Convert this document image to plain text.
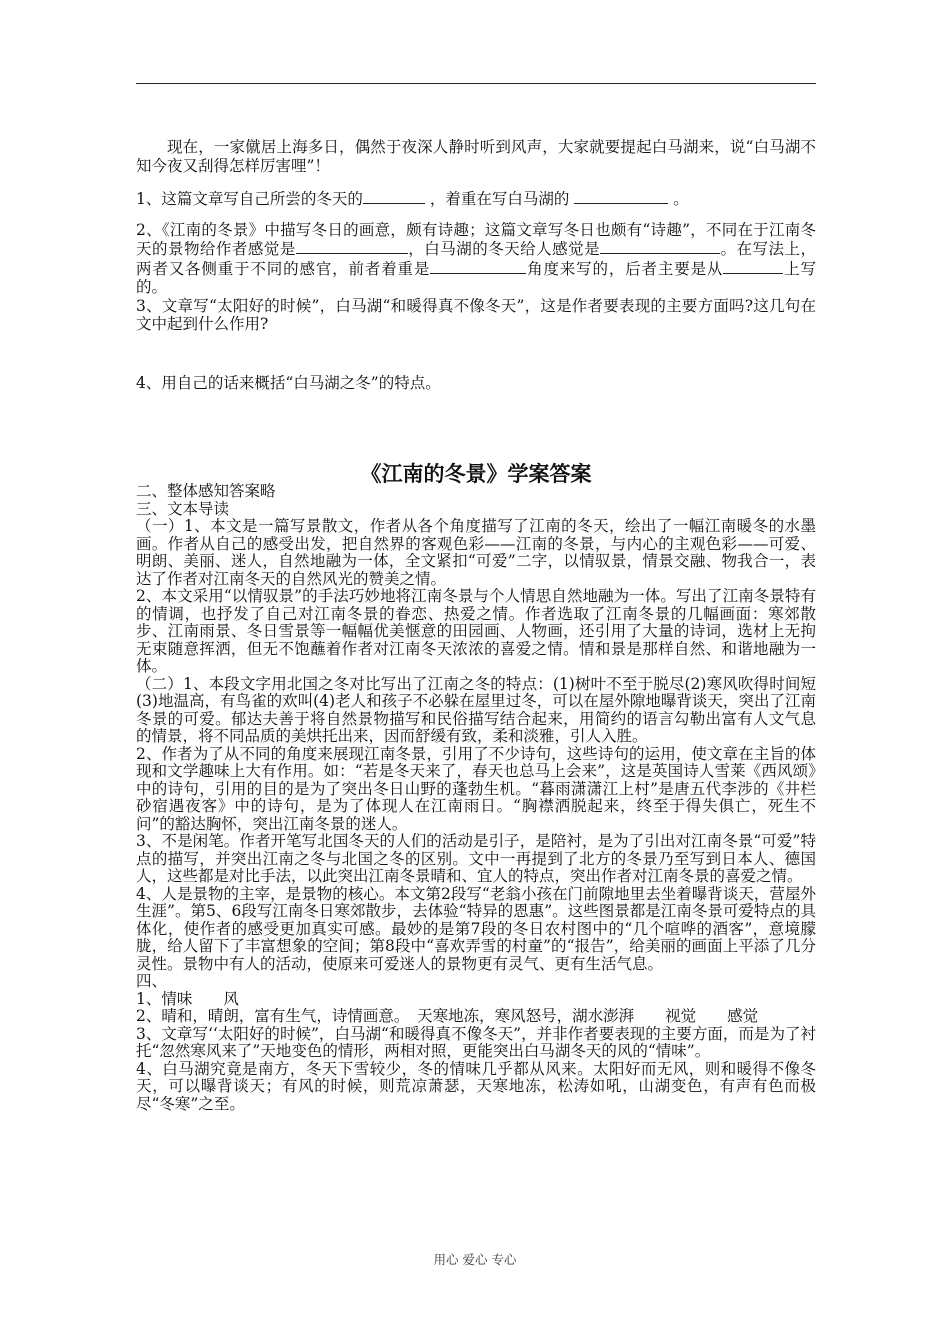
现在，一家僦居上海多日，偶然于夜深人静时听到风声，大家就要提起白马湖来，说“白马湖不知今夜又刮得怎样厉害哩”！

1、这篇文章写自己所尝的冬天的	，着重在写白马湖的	。

2、《江南的冬景》中描写冬日的画意，颇有诗趣；这篇文章写冬日也颇有“诗趣”，不同在于江南冬天的景物给作者感觉是	，白马湖的冬天给人感觉是	。在写法上，两者又各侧重于不同的感官，前者着重是	角度来写的，后者主要是从	上写的。

3、文章写“太阳好的时候”，白马湖“和暖得真不像冬天”，这是作者要表现的主要方面吗?这几句在文中起到什么作用?

4、用自己的话来概括“白马湖之冬”的特点。

《江南的冬景》学案答案

二、整体感知答案略

三、文本导读

（一）1、本文是一篇写景散文，作者从各个角度描写了江南的冬天，绘出了一幅江南暖冬的水墨画。作者从自己的感受出发，把自然界的客观色彩——江南的冬景，与内心的主观色彩——可爱、明朗、美丽、迷人，自然地融为一体，全文紧扣“可爱”二字，以情驭景，情景交融、物我合一，表达了作者对江南冬天的自然风光的赞美之情。

2、本文采用“以情驭景”的手法巧妙地将江南冬景与个人情思自然地融为一体。写出了江南冬景特有的情调，也抒发了自己对江南冬景的眷恋、热爱之情。作者选取了江南冬景的几幅画面：寒郊散步、江南雨景、冬日雪景等一幅幅优美惬意的田园画、人物画，还引用了大量的诗词，选材上无拘无束随意挥洒，但无不饱蘸着作者对江南冬天浓浓的喜爱之情。情和景是那样自然、和谐地融为一体。

（二）1、本段文字用北国之冬对比写出了江南之冬的特点：(1)树叶不至于脱尽(2)寒风吹得时间短(3)地温高，有鸟雀的欢叫(4)老人和孩子不必躲在屋里过冬，可以在屋外隙地曝背谈天，突出了江南冬景的可爱。郁达夫善于将自然景物描写和民俗描写结合起来，用简约的语言勾勒出富有人文气息的情景，将不同品质的美烘托出来，因而舒缓有致，柔和淡雅，引人入胜。

2、作者为了从不同的角度来展现江南冬景，引用了不少诗句，这些诗句的运用，使文章在主旨的体现和文学趣味上大有作用。如：“若是冬天来了，春天也总马上会来”，这是英国诗人雪莱《西风颂》中的诗句，引用的目的是为了突出冬日山野的蓬勃生机。“暮雨潇潇江上村”是唐五代李涉的《井栏砂宿遇夜客》中的诗句，是为了体现人在江南雨日。“胸襟洒脱起来，终至于得失俱亡，死生不问”的豁达胸怀，突出江南冬景的迷人。

3、不是闲笔。作者开笔写北国冬天的人们的活动是引子，是陪衬，是为了引出对江南冬景“可爱”特点的描写，并突出江南之冬与北国之冬的区别。文中一再提到了北方的冬景乃至写到日本人、德国人，这些都是对比手法，以此突出江南冬景晴和、宜人的特点，突出作者对江南冬景的喜爱之情。

4、人是景物的主宰，是景物的核心。本文第2段写“老翁小孩在门前隙地里去坐着曝背谈天，营屋外生涯”。第5、6段写江南冬日寒郊散步，去体验“特异的恩惠”。这些图景都是江南冬景可爱特点的具体化，使作者的感受更加真实可感。最妙的是第7段的冬日农村图中的“几个喧哗的酒客”，意境朦胧，给人留下了丰富想象的空间；第8段中“喜欢弄雪的村童”的“报告”，给美丽的画面上平添了几分灵性。景物中有人的活动，使原来可爱迷人的景物更有灵气、更有生活气息。

四、

1、情味　　风

2、晴和，晴朗，富有生气，诗情画意。　天寒地冻，寒风怒号，湖水澎湃　　视觉　　感觉

3、文章写‘‘太阳好的时候”，白马湖“和暖得真不像冬天”，并非作者要表现的主要方面，而是为了衬托“忽然寒风来了”天地变色的情形，两相对照，更能突出白马湖冬天的风的“情味”。

4、白马湖究竟是南方，冬天下雪较少，冬的情味几乎都从风来。太阳好而无风，则和暖得不像冬天，可以曝背谈天；有风的时候，则荒凉萧瑟，天寒地冻，松涛如吼，山湖变色，有声有色而极尽“冬寒”之至。

用心 爱心 专心
